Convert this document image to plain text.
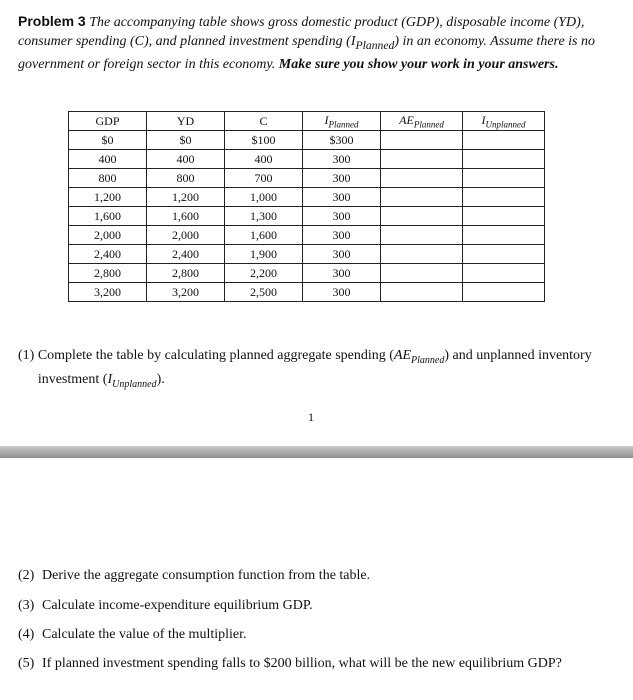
Problem 3 The accompanying table shows gross domestic product (GDP), disposable income (YD), consumer spending (C), and planned investment spending $(I_{Planned})$ in an economy. Assume there is no government or foreign sector in this economy. Make sure you show your work in your answers.
GDP	YD	C	$I_{Planned}$	$AE_{Planned}$	$I_{Unplanned}$
$0	$0	$100	$300		
400	400	400	300		
800	800	700	300		
1,200	1,200	1,000	300		
1,600	1,600	1,300	300		
2,000	2,000	1,600	300		
2,400	2,400	1,900	300		
2,800	2,800	2,200	300		
3,200	3,200	2,500	300		
(1) Complete the table by calculating planned aggregate spending $(AE_{Planned})$ and unplanned inventory investment $(I_{Unplanned})$.
1
(2) Derive the aggregate consumption function from the table.
(3) Calculate income-expenditure equilibrium GDP.
(4) Calculate the value of the multiplier.
(5) If planned investment spending falls to $200 billion, what will be the new equilibrium GDP?
